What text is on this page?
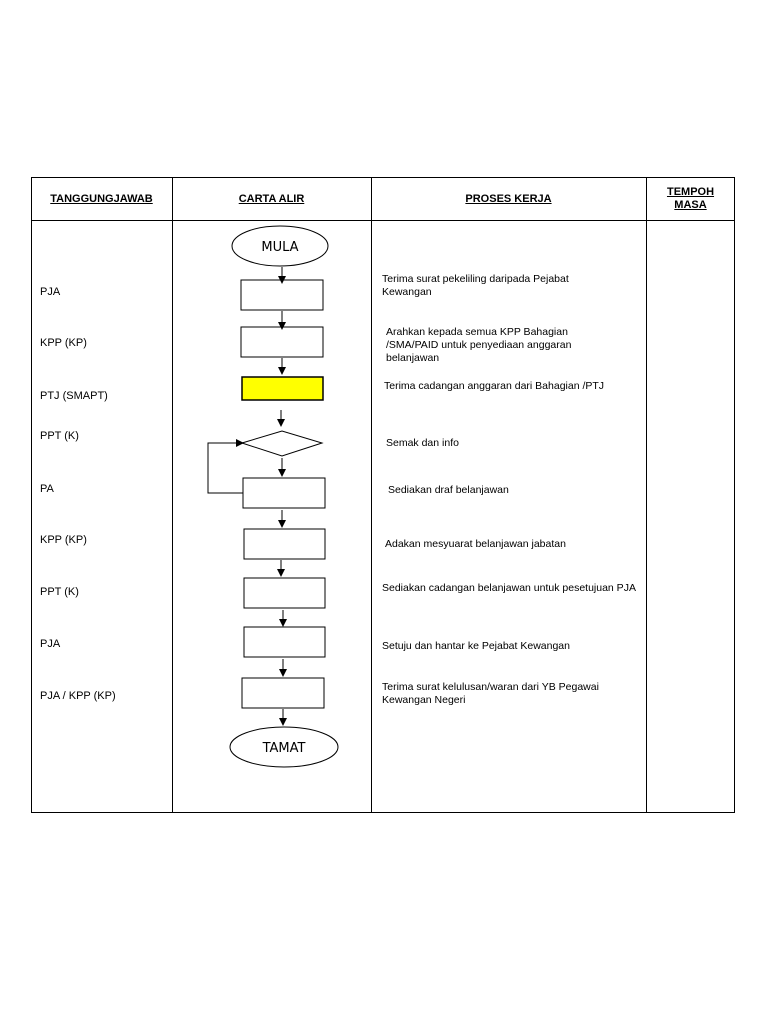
TANGGUNGJAWAB	CARTA ALIR	PROSES KERJA
TEMPOH
MASA
PJA
KPP (KP)
PTJ (SMAPT)
PPT (K)
PA
KPP (KP)
PPT (K)
PJA
PJA / KPP (KP)
Terima surat pekeliling daripada Pejabat Kewangan
Arahkan kepada semua KPP Bahagian /SMA/PAID untuk penyediaan anggaran belanjawan
Terima cadangan anggaran dari Bahagian /PTJ
Semak dan info
Sediakan draf belanjawan
Adakan mesyuarat belanjawan jabatan
Sediakan cadangan belanjawan untuk pesetujuan PJA
Setuju dan hantar ke Pejabat Kewangan
Terima surat kelulusan/waran dari YB Pegawai Kewangan Negeri
MULA
TAMAT
